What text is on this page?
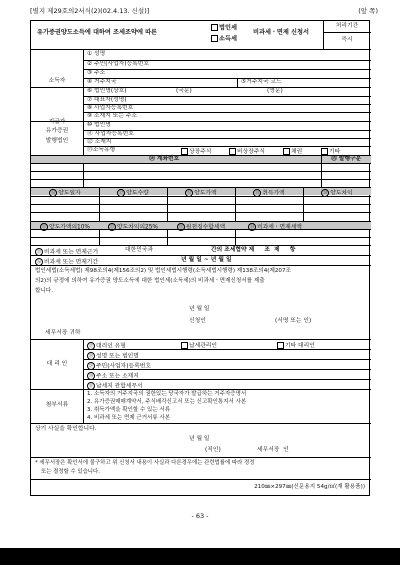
[별지 제29호의2서식(2)(02.4.13. 신설)]	(앞 쪽)
유가증권양도소득에 대하여 조세조약에 따른
법인세
소득세
비과세ㆍ면제 신청서
처리기간
즉시
소득자
① 성명
② 주민(사업자)등록번호
③ 주소
④ 거주지국	⑤거주지국 코드
지급자
⑥ 법인명(상호)	(국문)	(영문)
⑦ 대표자(성명)
⑧ 사업자등록번호
⑨ 소재지 또는 주소
유가증권
발행법인
⑩ 법인명
⑪ 사업자등록번호
⑫ 소재지
⑬소득유형	상장주식	비상장주식	채권	기타
⑭ 계좌번호	⑮ 발행구분
⑯ 양도일자	⑰ 양도수량	⑱ 양도가액	⑲ 취득가액	⑳ 양도차익
㉑ 양도가액의10%	㉒ 양도차익의25%	㉓ 원천징수할세액	㉔ 비과세ㆍ면제세액
㉕ 비과세 또는 면제근거	대한민국과	간의 조세협약 제 조 제 항
㉖ 비과세 또는 면제기간	년 월 일 ~ 년 월 일
법인세법(소득세법) 제98조의4(제156조의2) 및 법인세법시행령(소득세법시행령) 제138조의4(제207조
의2)의 규정에 의하여 유가증권 양도소득에 대한 법인세(소득세)의 비과세ㆍ면제신청서를 제출
합니다.
년 월 일
신청인	(서명 또는 인)
세무서장 귀하
대 리 인
㉗ 대리인 유형	납세관리인	기타 대리인
㉘ 성명 또는 법인명
㉙ 주민(사업자)등록번호
㉚ 주소 또는 소재지
㉛ 납세지 관할세무서
첨부서류
1. 소득자의 거주지국의 권한있는 당국자가 발급하는 거주자증명서
2. 유가증권매매계약서, 주식배각신고서 또는 신고확인통지서 사본
3. 취득가액을 확인할 수 있는 서류
4. 비과세 또는 면제 근거서류 사본
상기 사실을 확인합니다.
년 월 일
(직인)	세무서장 인
* 세무서장은 확인서에 불구하고 위 신청서 내용이 사실과 다른경우에는 관련법률에 따라 경정
또는 결정할 수 있습니다.
210㎜×297㎜(신문용지 54g/㎡(재 활용품))
- 63 -
